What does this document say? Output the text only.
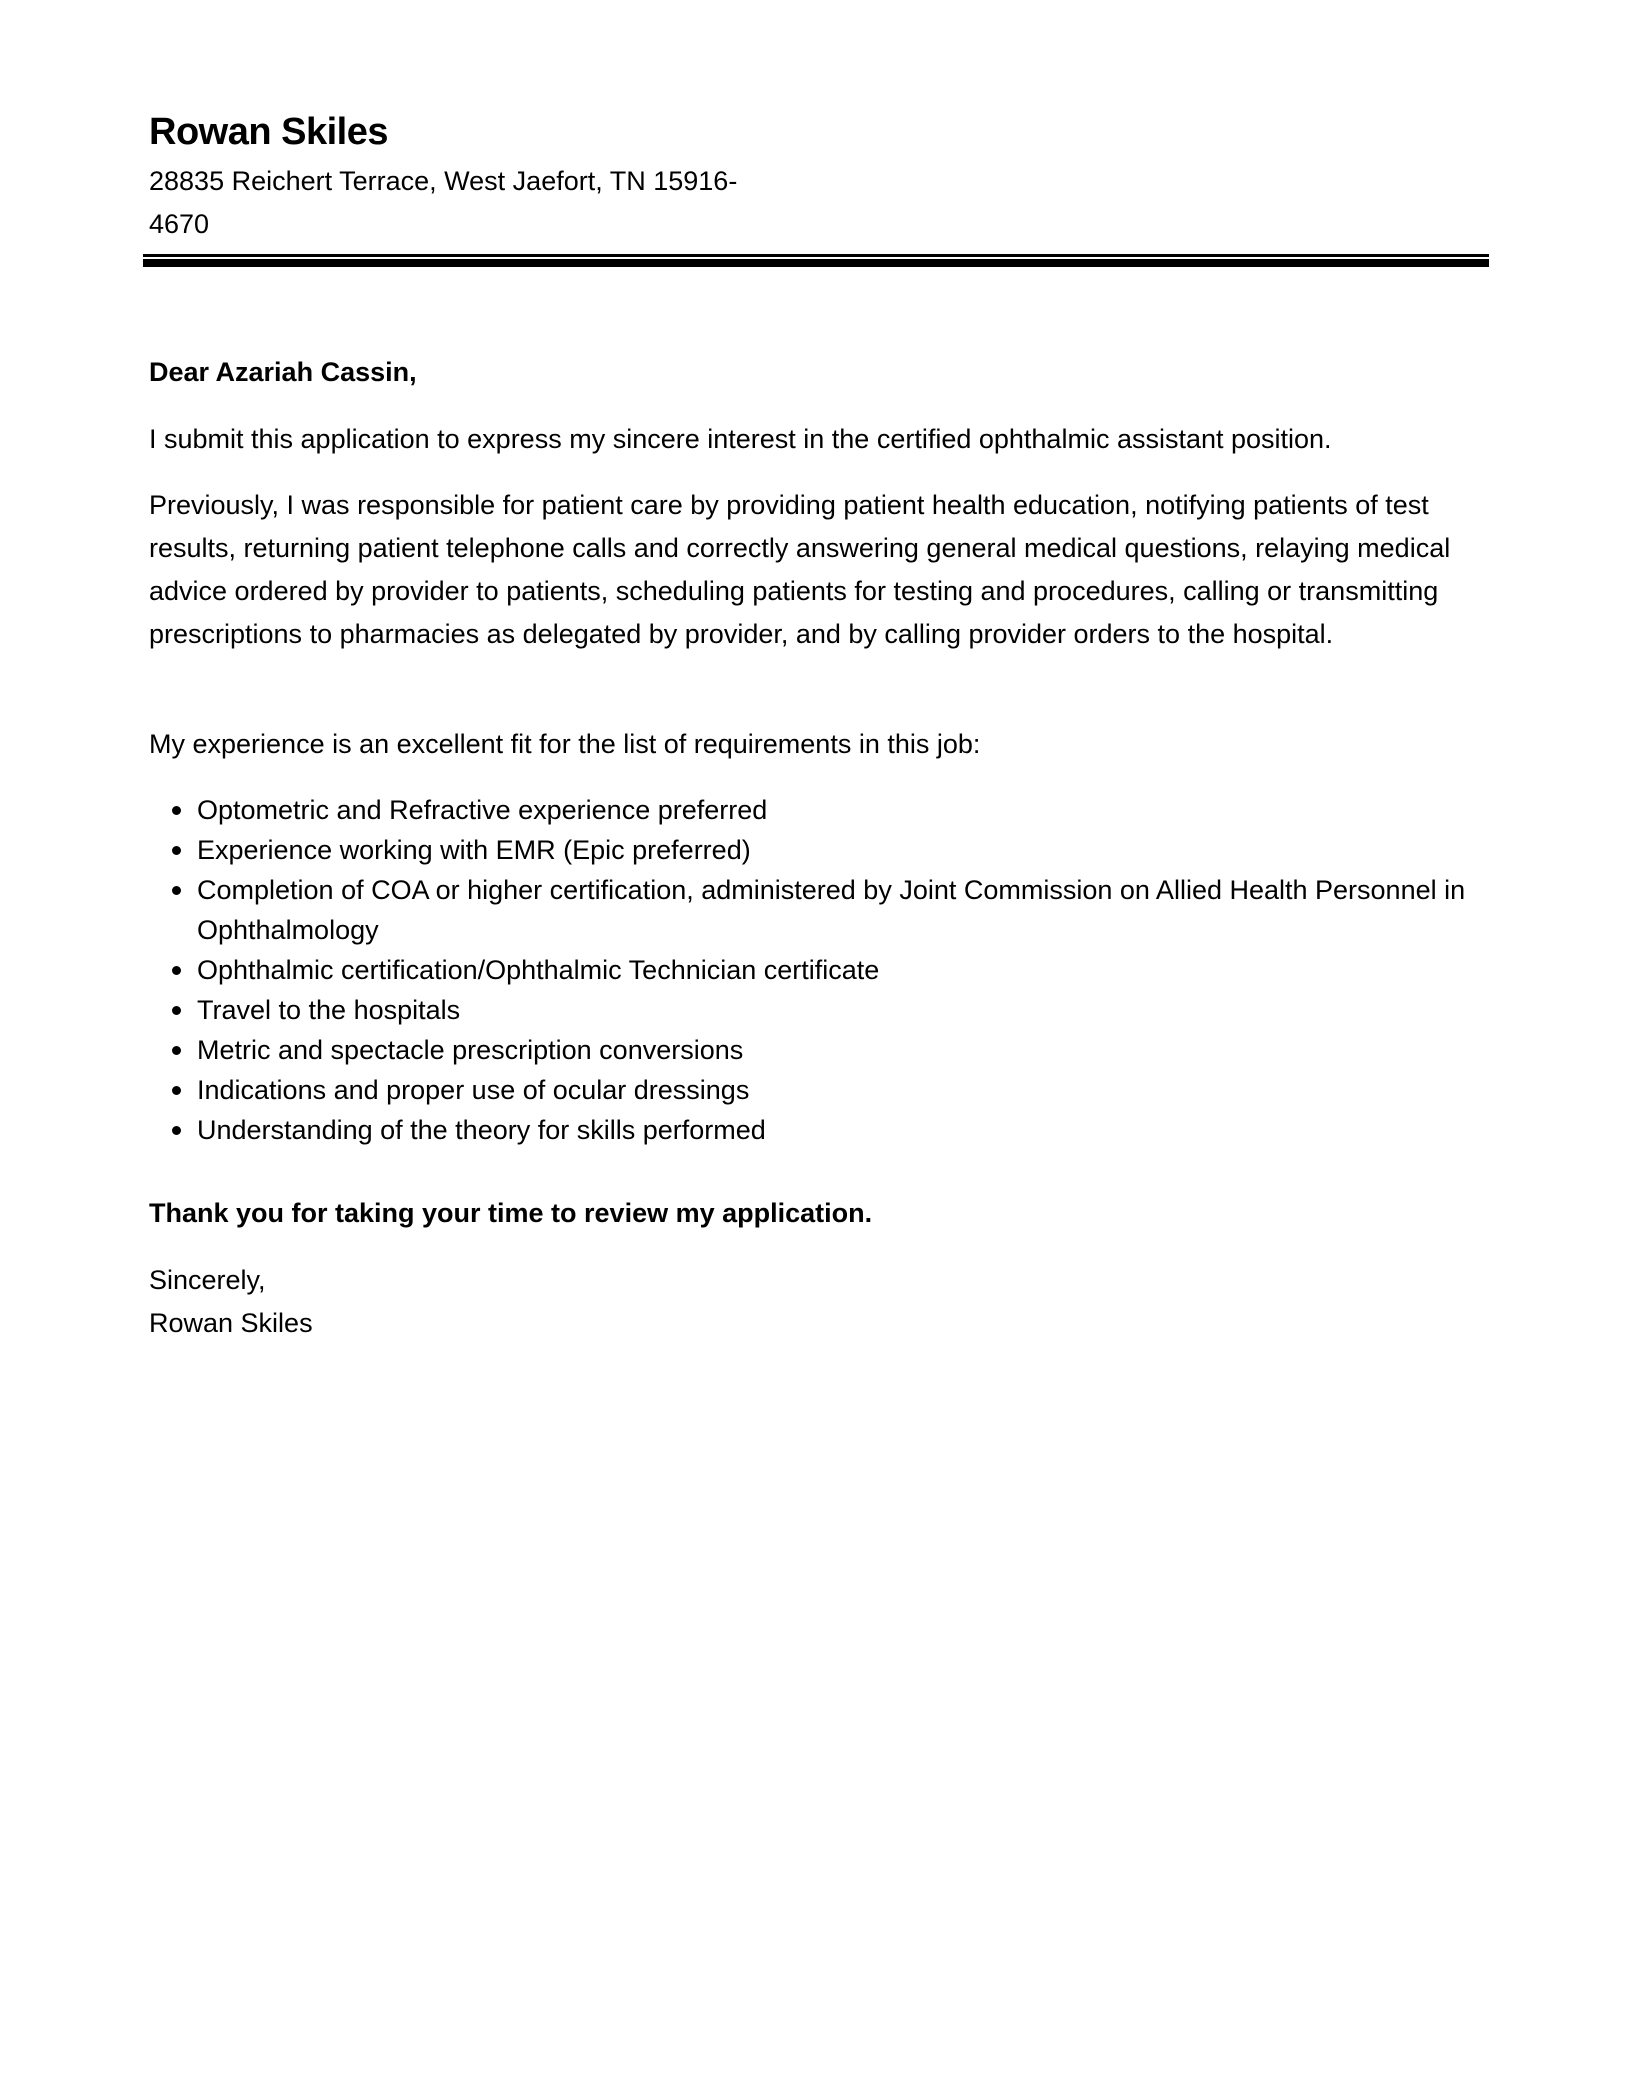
Rowan Skiles
28835 Reichert Terrace, West Jaefort, TN 15916-4670

Dear Azariah Cassin,

I submit this application to express my sincere interest in the certified ophthalmic assistant position.

Previously, I was responsible for patient care by providing patient health education, notifying patients of test results, returning patient telephone calls and correctly answering general medical questions, relaying medical advice ordered by provider to patients, scheduling patients for testing and procedures, calling or transmitting prescriptions to pharmacies as delegated by provider, and by calling provider orders to the hospital.

My experience is an excellent fit for the list of requirements in this job:

Optometric and Refractive experience preferred
Experience working with EMR (Epic preferred)
Completion of COA or higher certification, administered by Joint Commission on Allied Health Personnel in Ophthalmology
Ophthalmic certification/Ophthalmic Technician certificate
Travel to the hospitals
Metric and spectacle prescription conversions
Indications and proper use of ocular dressings
Understanding of the theory for skills performed

Thank you for taking your time to review my application.

Sincerely,

Rowan Skiles
